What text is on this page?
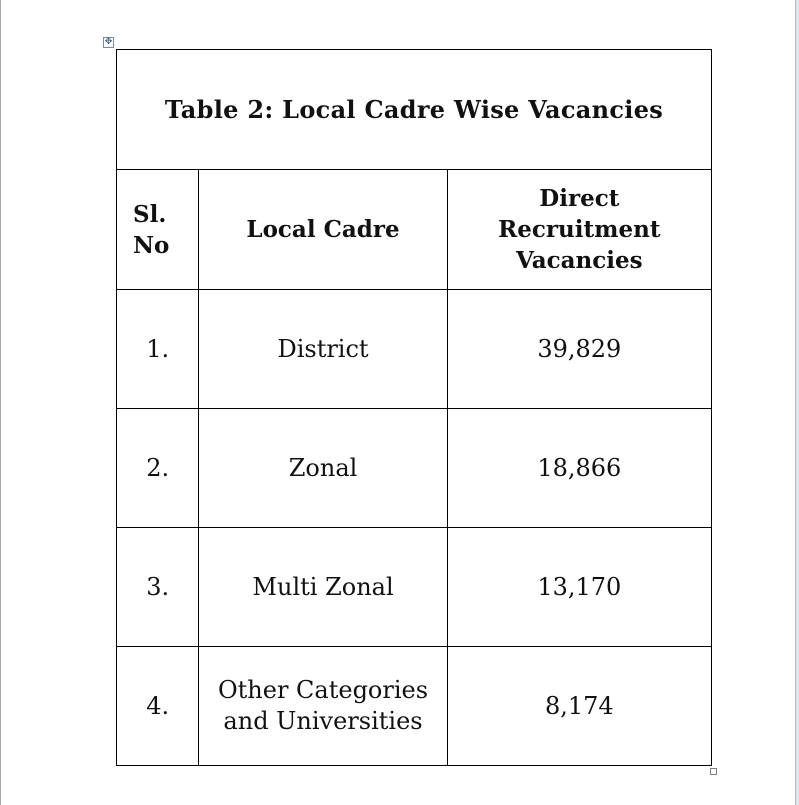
✥
Table 2: Local Cadre Wise Vacancies		
Sl. No	Local Cadre	Direct Recruitment Vacancies
1.	District	39,829
2.	Zonal	18,866
3.	Multi Zonal	13,170
4.	Other Categories and Universities	8,174
